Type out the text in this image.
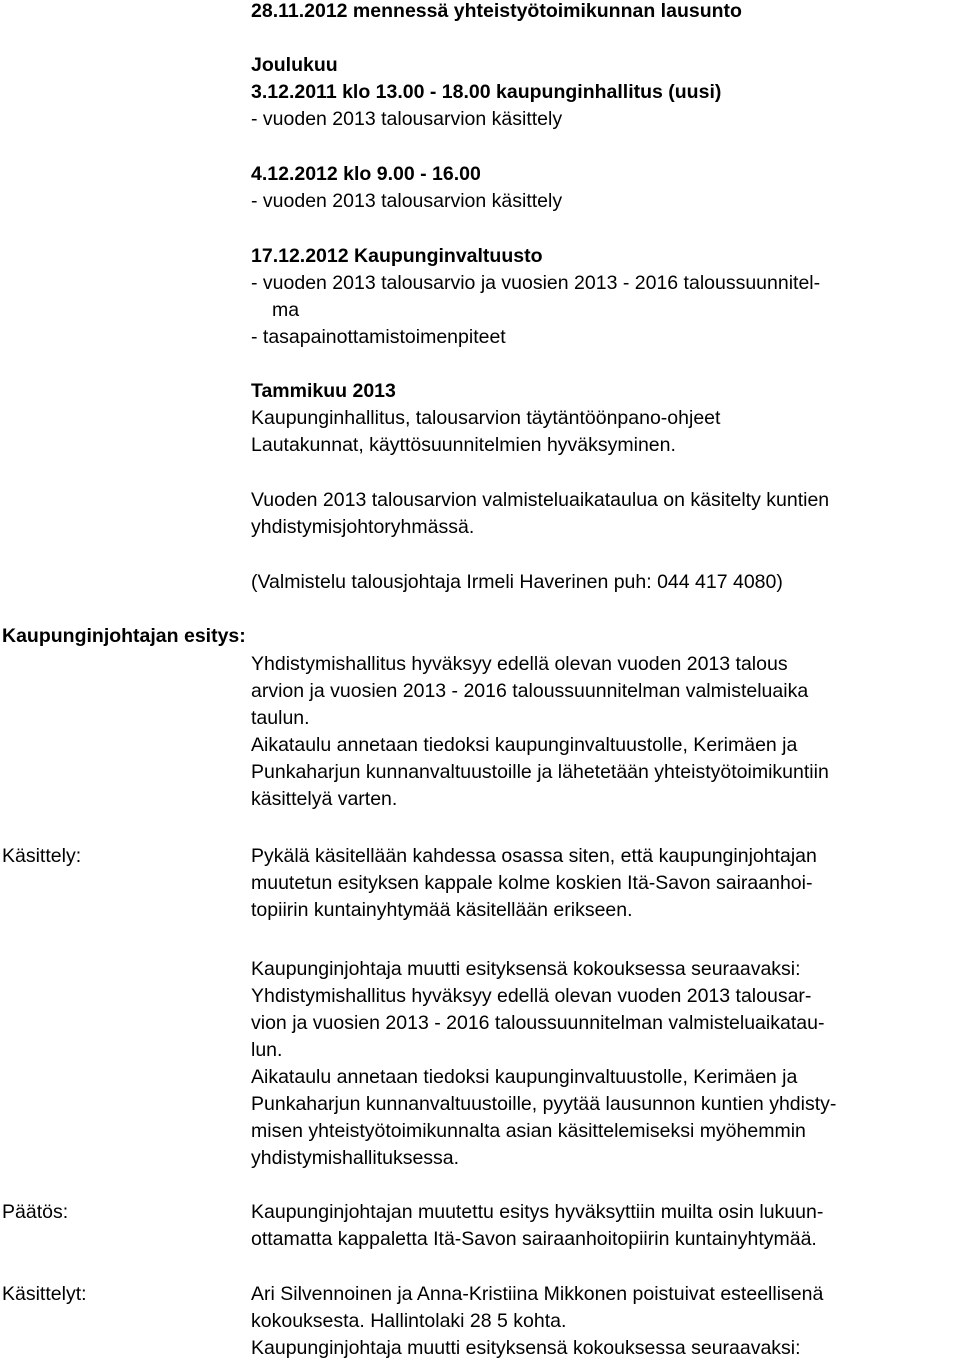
28.11.2012 mennessä yhteistyötoimikunnan lausunto
Joulukuu
3.12.2011 klo 13.00 - 18.00 kaupunginhallitus (uusi)
- vuoden 2013 talousarvion käsittely
4.12.2012 klo 9.00 - 16.00
- vuoden 2013 talousarvion käsittely
17.12.2012 Kaupunginvaltuusto
- vuoden 2013 talousarvio ja vuosien 2013 - 2016 taloussuunnitel-
ma
- tasapainottamistoimenpiteet
Tammikuu 2013
Kaupunginhallitus, talousarvion täytäntöönpano-ohjeet
Lautakunnat, käyttösuunnitelmien hyväksyminen.
Vuoden 2013 talousarvion valmisteluaikataulua on käsitelty kuntien
yhdistymisjohtoryhmässä.
(Valmistelu talousjohtaja Irmeli Haverinen puh: 044 417 4080)
Kaupunginjohtajan esitys:
Yhdistymishallitus hyväksyy edellä olevan vuoden 2013 talous
arvion ja vuosien 2013 - 2016 taloussuunnitelman valmisteluaika
taulun.
Aikataulu annetaan tiedoksi kaupunginvaltuustolle, Kerimäen ja
Punkaharjun kunnanvaltuustoille ja lähetetään yhteistyötoimikuntiin
käsittelyä varten.
Käsittely:	Pykälä käsitellään kahdessa osassa siten, että kaupunginjohtajan
muutetun esityksen kappale kolme koskien Itä-Savon sairaanhoi-
topiirin kuntainyhtymää käsitellään erikseen.
Kaupunginjohtaja muutti esityksensä kokouksessa seuraavaksi:
Yhdistymishallitus hyväksyy edellä olevan vuoden 2013 talousar-
vion ja vuosien 2013 - 2016 taloussuunnitelman valmisteluaikatau-
lun.
Aikataulu annetaan tiedoksi kaupunginvaltuustolle, Kerimäen ja
Punkaharjun kunnanvaltuustoille, pyytää lausunnon kuntien yhdisty-
misen yhteistyötoimikunnalta asian käsittelemiseksi myöhemmin
yhdistymishallituksessa.
Päätös:	Kaupunginjohtajan muutettu esitys hyväksyttiin muilta osin lukuun-
ottamatta kappaletta Itä-Savon sairaanhoitopiirin kuntainyhtymää.
Käsittelyt:	Ari Silvennoinen ja Anna-Kristiina Mikkonen poistuivat esteellisenä
kokouksesta. Hallintolaki 28 5 kohta.
Kaupunginjohtaja muutti esityksensä kokouksessa seuraavaksi:
